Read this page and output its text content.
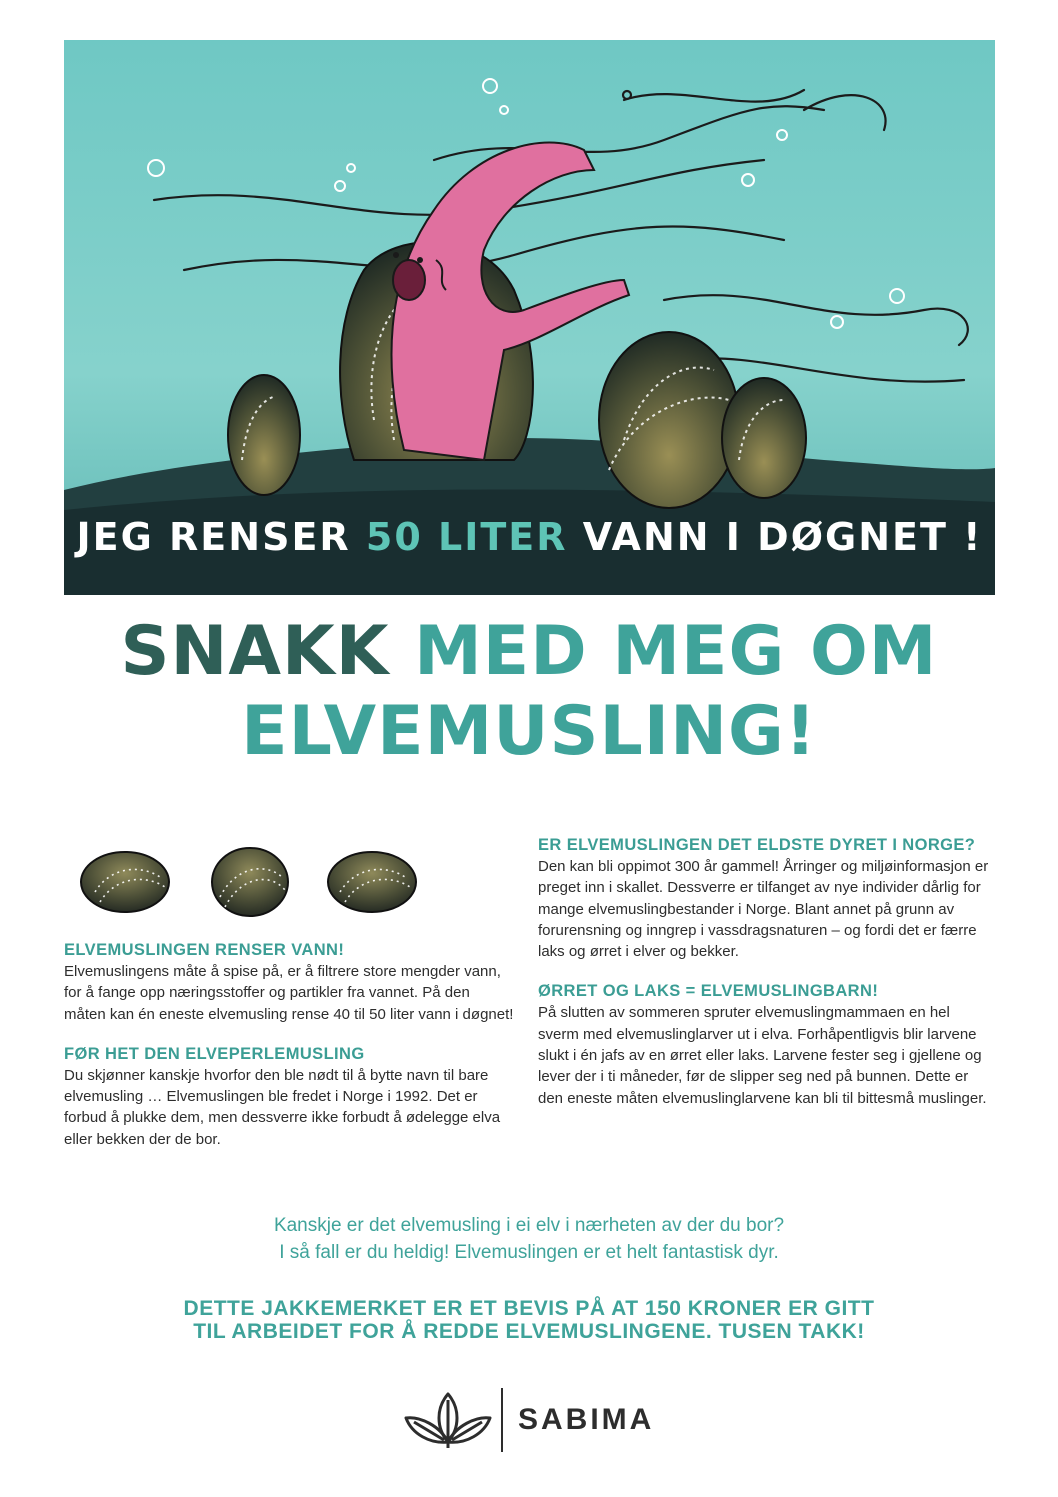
JEG RENSER 50 LITER VANN I DØGNET !
SNAKK MED MEG OM
ELVEMUSLING!
ELVEMUSLINGEN RENSER VANN!

Elvemuslingens måte å spise på, er å filtrere store mengder vann, for å fange opp næringsstoffer og partikler fra vannet. På den måten kan én eneste elvemusling rense 40 til 50 liter vann i døgnet!

FØR HET DEN ELVEPERLEMUSLING

Du skjønner kanskje hvorfor den ble nødt til å bytte navn til bare elvemusling … Elvemuslingen ble fredet i Norge i 1992. Det er forbud å plukke dem, men dessverre ikke forbudt å ødelegge elva eller bekken der de bor.

ER ELVEMUSLINGEN DET ELDSTE DYRET I NORGE?

Den kan bli oppimot 300 år gammel! Årringer og miljøinformasjon er preget inn i skallet. Dessverre er tilfanget av nye individer dårlig for mange elvemuslingbestander i Norge. Blant annet på grunn av forurensning og inngrep i vassdragsnaturen – og fordi det er færre laks og ørret i elver og bekker.

ØRRET OG LAKS = ELVEMUSLINGBARN!

På slutten av sommeren spruter elvemuslingmammaen en hel sverm med elvemuslinglarver ut i elva. Forhåpentligvis blir larvene slukt i én jafs av en ørret eller laks. Larvene fester seg i gjellene og lever der i ti måneder, før de slipper seg ned på bunnen. Dette er den eneste måten elvemuslinglarvene kan bli til bittesmå muslinger.

Kanskje er det elvemusling i ei elv i nærheten av der du bor?
I så fall er du heldig! Elvemuslingen er et helt fantastisk dyr.
DETTE JAKKEMERKET ER ET BEVIS PÅ AT 150 KRONER ER GITT
TIL ARBEIDET FOR Å REDDE ELVEMUSLINGENE. TUSEN TAKK!
SABIMA
